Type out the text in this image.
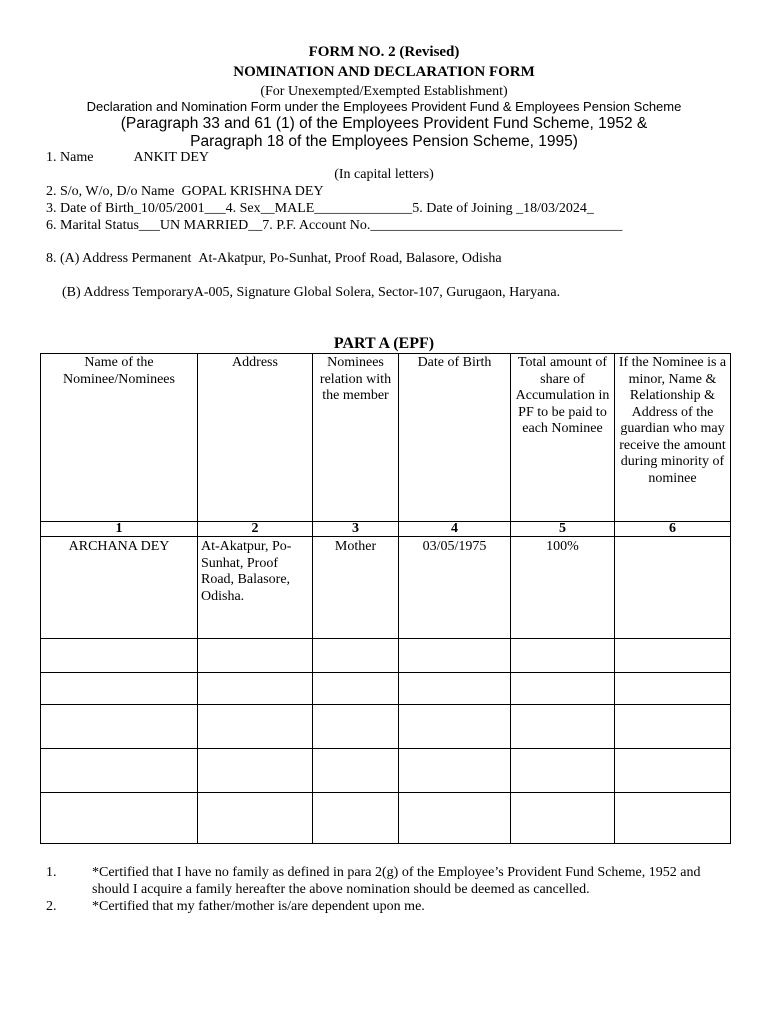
FORM NO. 2 (Revised)
NOMINATION AND DECLARATION FORM
(For Unexempted/Exempted Establishment)
Declaration and Nomination Form under the Employees Provident Fund & Employees Pension Scheme
(Paragraph 33 and 61 (1) of the Employees Provident Fund Scheme, 1952 &
Paragraph 18 of the Employees Pension Scheme, 1995)
1. Name	ANKIT DEY
(In capital letters)
2. S/o, W/o, D/o Name GOPAL KRISHNA DEY
3. Date of Birth_10/05/2001___4. Sex__MALE______________5. Date of Joining _18/03/2024_
6. Marital Status___UN MARRIED__7. P.F. Account No.____________________________________
8. (A) Address Permanent At-Akatpur, Po-Sunhat, Proof Road, Balasore, Odisha
(B) Address TemporaryA-005, Signature Global Solera, Sector-107, Gurugaon, Haryana.
PART A (EPF)
Name of the Nominee/Nominees	Address	Nominees relation with the member	Date of Birth	Total amount of share of Accumulation in PF to be paid to each Nominee	If the Nominee is a minor, Name & Relationship & Address of the guardian who may receive the amount during minority of nominee
1	2	3	4	5	6
ARCHANA DEY	At-Akatpur, Po-Sunhat, Proof Road, Balasore, Odisha.	Mother	03/05/1975	100%	

1.	*Certified that I have no family as defined in para 2(g) of the Employee’s Provident Fund Scheme, 1952 and should I acquire a family hereafter the above nomination should be deemed as cancelled.
2.	*Certified that my father/mother is/are dependent upon me.
